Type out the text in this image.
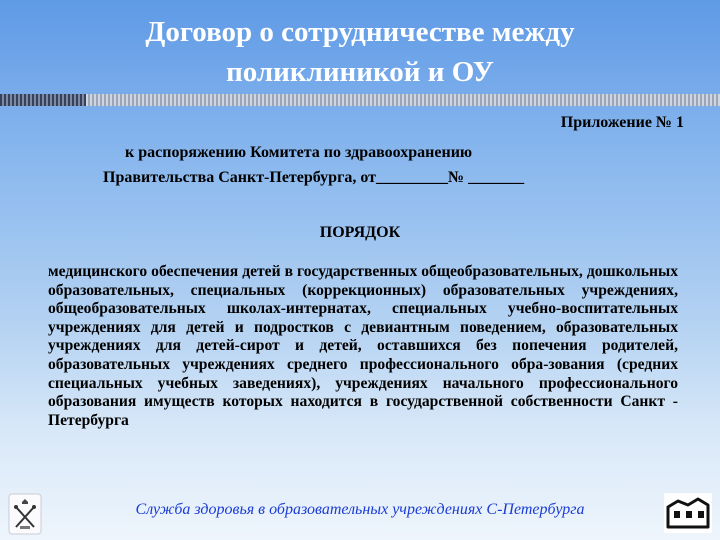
Договор о сотрудничестве между
поликлиникой и ОУ
Приложение № 1
к распоряжению Комитета по здравоохранению
Правительства Санкт-Петербурга, от_________№ _______
ПОРЯДОК
медицинского обеспечения детей в государственных общеобразовательных, дошкольных образовательных, специальных (коррекционных) образовательных учреждениях, общеобразовательных школах-интернатах, специальных учебно-воспитательных учреждениях для детей и подростков с девиантным поведением, образовательных учреждениях для детей-сирот и детей, оставшихся без попечения родителей, образовательных учреждениях среднего профессионального обра-зования (средних специальных учебных заведениях), учреждениях начального профессионального образования имуществ которых находится в государственной собственности Санкт - Петербурга
Служба здоровья в образовательных учреждениях С-Петербурга
